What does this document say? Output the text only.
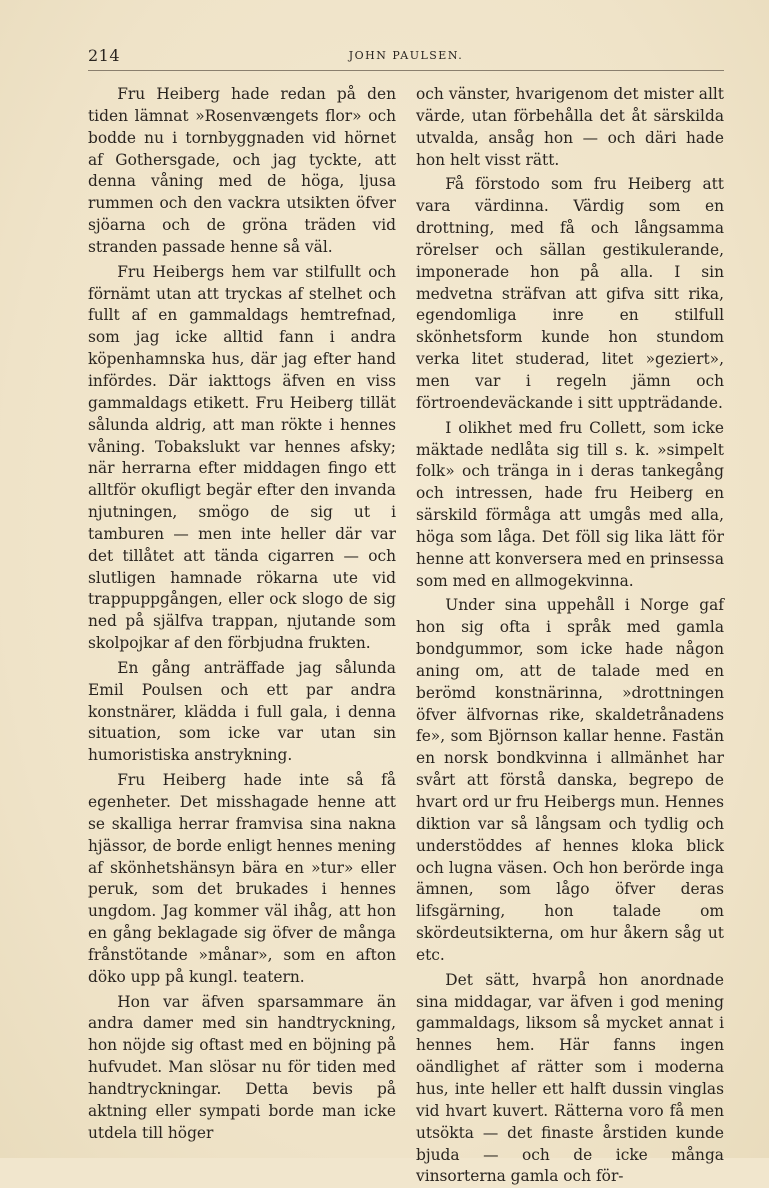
214	JOHN PAULSEN.

Fru Heiberg hade redan på den tiden lämnat »Rosenvængets flor» och bodde nu i tornbyggnaden vid hörnet af Gothersgade, och jag tyckte, att denna våning med de höga, ljusa rummen och den vackra utsikten öfver sjöarna och de gröna träden vid stranden passade henne så väl.

Fru Heibergs hem var stilfullt och förnämt utan att tryckas af stelhet och fullt af en gammaldags hemtrefnad, som jag icke alltid fann i andra köpenhamnska hus, där jag efter hand infördes. Där iakttogs äfven en viss gammaldags etikett. Fru Heiberg tillät sålunda aldrig, att man rökte i hennes våning. Tobakslukt var hennes afsky; när herrarna efter middagen fingo ett alltför okufligt begär efter den invanda njutningen, smögo de sig ut i tamburen — men inte heller där var det tillåtet att tända cigarren — och slutligen hamnade rökarna ute vid trappuppgången, eller ock slogo de sig ned på själfva trappan, njutande som skolpojkar af den förbjudna frukten.

En gång anträffade jag sålunda Emil Poulsen och ett par andra konstnärer, klädda i full gala, i denna situation, som icke var utan sin humoristiska anstrykning.

Fru Heiberg hade inte så få egenheter. Det misshagade henne att se skalliga herrar framvisa sina nakna hjässor, de borde enligt hennes mening af skönhetshänsyn bära en »tur» eller peruk, som det brukades i hennes ungdom. Jag kommer väl ihåg, att hon en gång beklagade sig öfver de många frånstötande »månar», som en afton döko upp på kungl. teatern.

Hon var äfven sparsammare än andra damer med sin handtryckning, hon nöjde sig oftast med en böjning på hufvudet. Man slösar nu för tiden med handtryckningar. Detta bevis på aktning eller sympati borde man icke utdela till höger

och vänster, hvarigenom det mister allt värde, utan förbehålla det åt särskilda utvalda, ansåg hon — och däri hade hon helt visst rätt.

Få förstodo som fru Heiberg att vara värdinna. Värdig som en drottning, med få och långsamma rörelser och sällan gestikulerande, imponerade hon på alla. I sin medvetna sträfvan att gifva sitt rika, egendomliga inre en stilfull skönhetsform kunde hon stundom verka litet studerad, litet »geziert», men var i regeln jämn och förtroendeväckande i sitt uppträdande.

I olikhet med fru Collett, som icke mäktade nedlåta sig till s. k. »simpelt folk» och tränga in i deras tankegång och intressen, hade fru Heiberg en särskild förmåga att umgås med alla, höga som låga. Det föll sig lika lätt för henne att konversera med en prinsessa som med en allmogekvinna.

Under sina uppehåll i Norge gaf hon sig ofta i språk med gamla bondgummor, som icke hade någon aning om, att de talade med en berömd konstnärinna, »drottningen öfver älfvornas rike, skaldetrånadens fe», som Björnson kallar henne. Fastän en norsk bondkvinna i allmänhet har svårt att förstå danska, begrepo de hvart ord ur fru Heibergs mun. Hennes diktion var så långsam och tydlig och understöddes af hennes kloka blick och lugna väsen. Och hon berörde inga ämnen, som lågo öfver deras lifsgärning, hon talade om skördeutsikterna, om hur åkern såg ut etc.

Det sätt, hvarpå hon anordnade sina middagar, var äfven i god mening gammaldags, liksom så mycket annat i hennes hem. Här fanns ingen oändlighet af rätter som i moderna hus, inte heller ett halft dussin vinglas vid hvart kuvert. Rätterna voro få men utsökta — det finaste årstiden kunde bjuda — och de icke många vinsorterna gamla och för-
